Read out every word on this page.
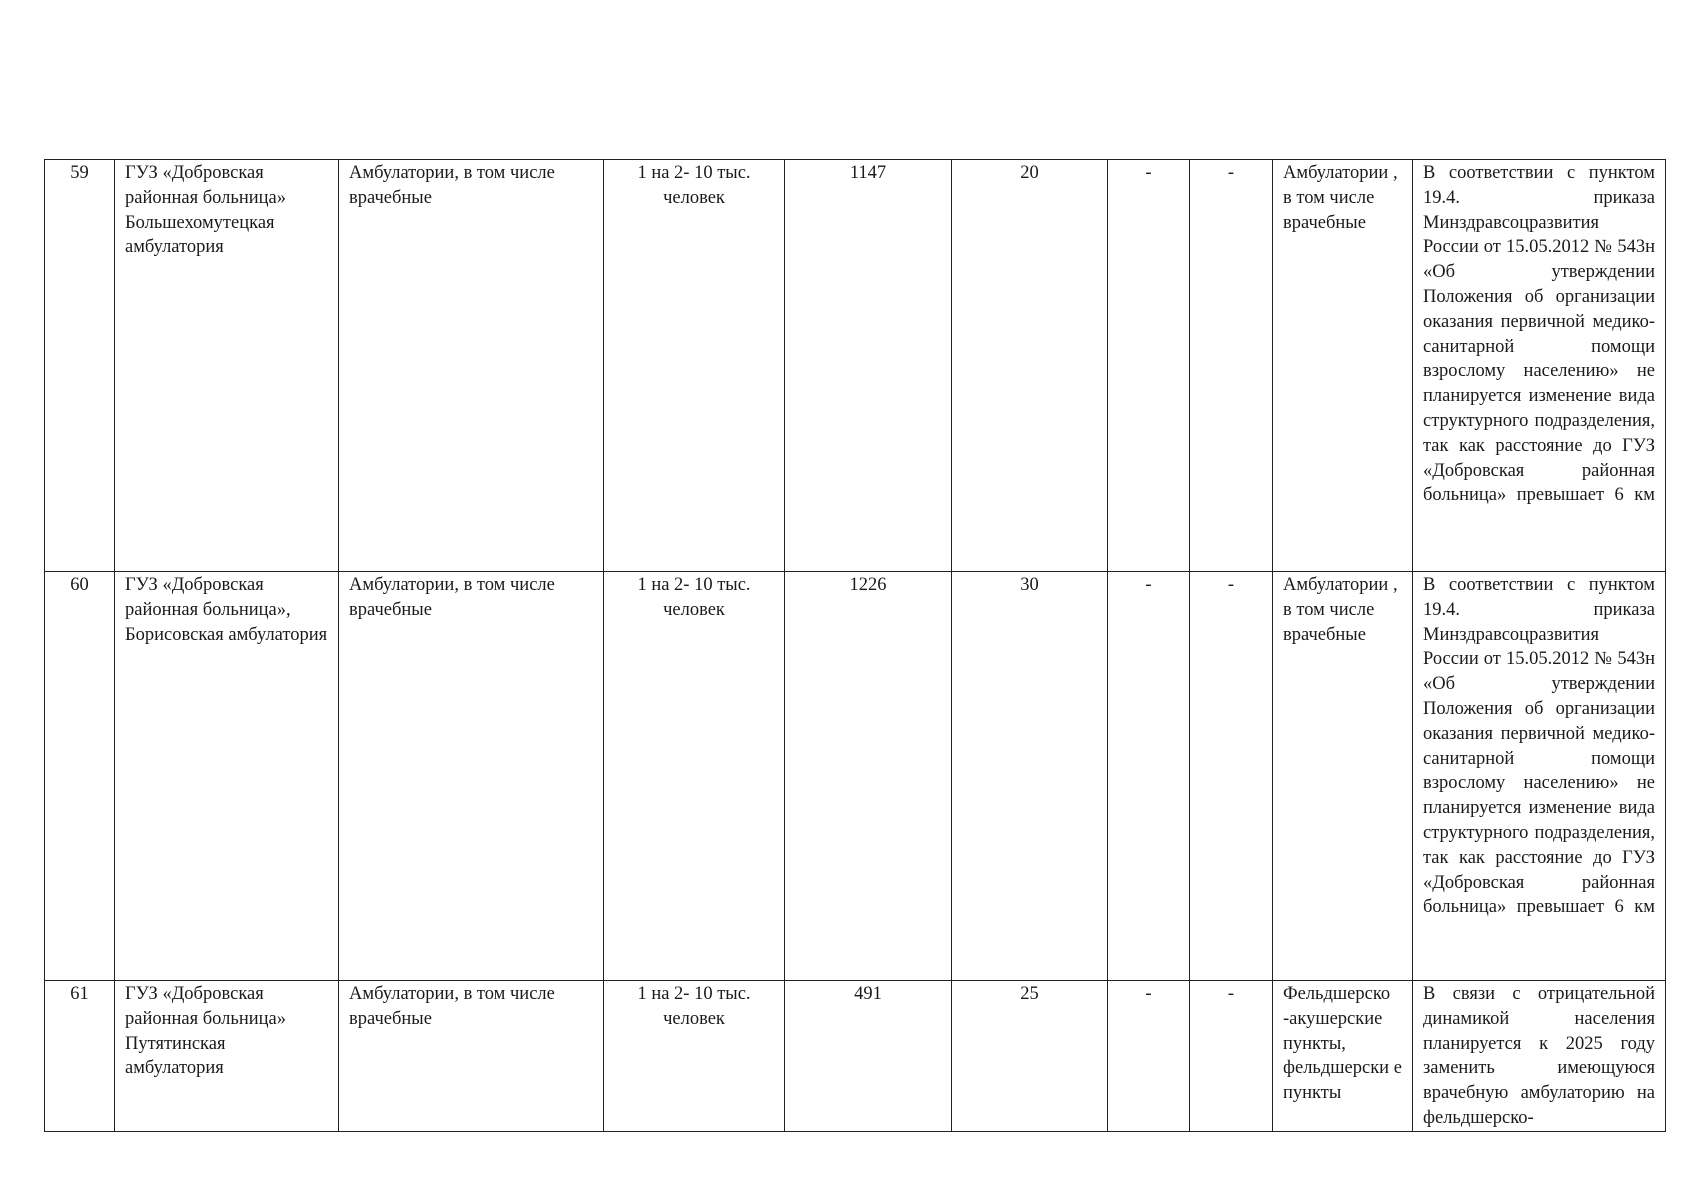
59	ГУЗ «Добровская районная больница» Большехомутецкая амбулатория	Амбулатории, в том числе врачебные	1 на 2- 10 тыс. человек	1147	20	-	-	Амбулатории , в том числе врачебные	В соответствии с пунктом 19.4. приказа Минздравсоцразвития России от 15.05.2012 № 543н «Об утверждении Положения об организации оказания первичной медико-санитарной помощи взрослому населению» не планируется изменение вида структурного подразделения, так как расстояние до ГУЗ «Добровская районная больница» превышает 6 км
60	ГУЗ «Добровская районная больница», Борисовская амбулатория	Амбулатории, в том числе врачебные	1 на 2- 10 тыс. человек	1226	30	-	-	Амбулатории , в том числе врачебные	В соответствии с пунктом 19.4. приказа Минздравсоцразвития России от 15.05.2012 № 543н «Об утверждении Положения об организации оказания первичной медико-санитарной помощи взрослому населению» не планируется изменение вида структурного подразделения, так как расстояние до ГУЗ «Добровская районная больница» превышает 6 км
61	ГУЗ «Добровская районная больница» Путятинская амбулатория	Амбулатории, в том числе врачебные	1 на 2- 10 тыс. человек	491	25	-	-	Фельдшерско -акушерские пункты, фельдшерски е пункты	В связи с отрицательной динамикой населения планируется к 2025 году заменить имеющуюся врачебную амбулаторию на фельдшерско-
